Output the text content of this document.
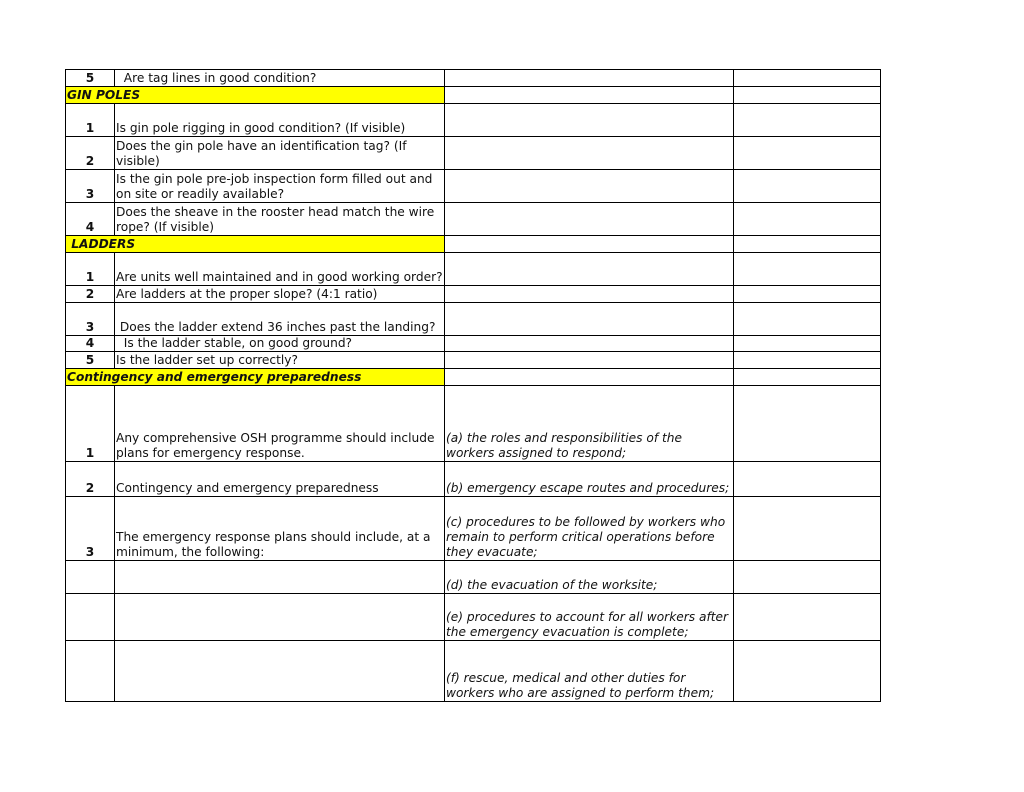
5	Are tag lines in good condition?		
GIN POLES			
1	Is gin pole rigging in good condition? (If visible)		
2	Does the gin pole have an identification tag? (If visible)		
3	Is the gin pole pre-job inspection form filled out and on site or readily available?		
4	Does the sheave in the rooster head match the wire rope? (If visible)		
LADDERS			
1	Are units well maintained and in good working order?		
2	Are ladders at the proper slope? (4:1 ratio)		
3	Does the ladder extend 36 inches past the landing?		
4	Is the ladder stable, on good ground?		
5	Is the ladder set up correctly?		
Contingency and emergency preparedness			
1	Any comprehensive OSH programme should include plans for emergency response.	(a) the roles and responsibilities of the workers assigned to respond;	
2	Contingency and emergency preparedness	(b) emergency escape routes and procedures;	
3	The emergency response plans should include, at a minimum, the following:	(c) procedures to be followed by workers who remain to perform critical operations before they evacuate;	
		(d) the evacuation of the worksite;	
		(e) procedures to account for all workers after the emergency evacuation is complete;	
		(f) rescue, medical and other duties for workers who are assigned to perform them;	
